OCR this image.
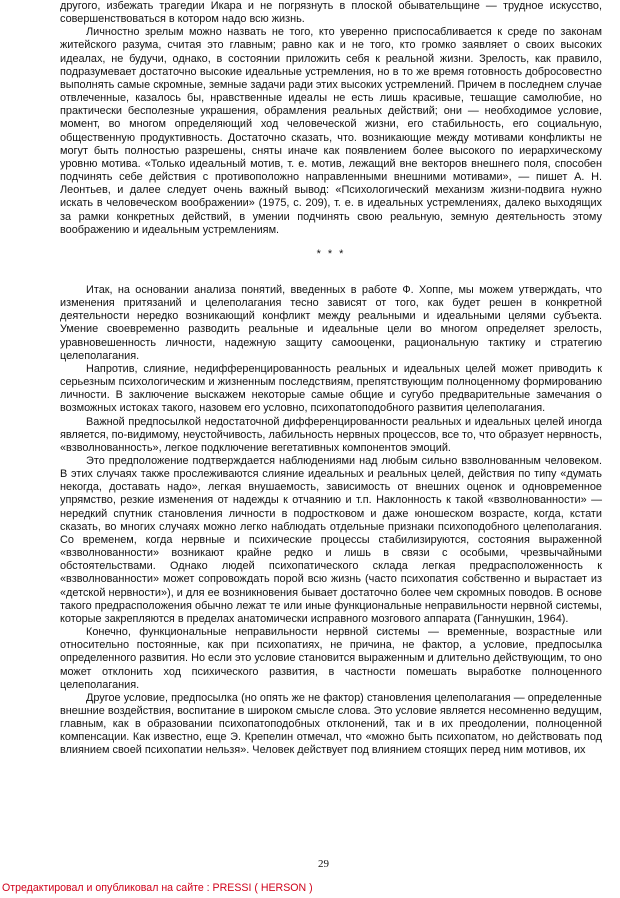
другого, избежать трагедии Икара и не погрязнуть в плоской обывательщине — трудное искусство, совершенствоваться в котором надо всю жизнь.

Личностно зрелым можно назвать не того, кто уверенно приспосабливается к среде по законам житейского разума, считая это главным; равно как и не того, кто громко заявляет о своих высоких идеалах, не будучи, однако, в состоянии приложить себя к реальной жизни. Зрелость, как правило, подразумевает достаточно высокие идеальные устремления, но в то же время готовность добросовестно выполнять самые скромные, земные задачи ради этих высоких устремлений. Причем в последнем случае отвлеченные, казалось бы, нравственные идеалы не есть лишь красивые, тешащие самолюбие, но практически бесполезные украшения, обрамления реальных действий; они — необходимое условие, момент, во многом определяющий ход человеческой жизни, его стабильность, его социальную, общественную продуктивность. Достаточно сказать, что. возникающие между мотивами конфликты не могут быть полностью разрешены, сняты иначе как появлением более высокого по иерархическому уровню мотива. «Только идеальный мотив, т. е. мотив, лежащий вне векторов внешнего поля, способен подчинять себе действия с противоположно направленными внешними мотивами», — пишет А. Н. Леонтьев, и далее следует очень важный вывод: «Психологический механизм жизни-подвига нужно искать в человеческом воображении» (1975, с. 209), т. е. в идеальных устремлениях, далеко выходящих за рамки конкретных действий, в умении подчинять свою реальную, земную деятельность этому воображению и идеальным устремлениям.

* * *

Итак, на основании анализа понятий, введенных в работе Ф. Хоппе, мы можем утверждать, что изменения притязаний и целеполагания тесно зависят от того, как будет решен в конкретной деятельности нередко возникающий конфликт между реальными и идеальными целями субъекта. Умение своевременно разводить реальные и идеальные цели во многом определяет зрелость, уравновешенность личности, надежную защиту самооценки, рациональную тактику и стратегию целеполагания.

Напротив, слияние, недифференцированность реальных и идеальных целей может приводить к серьезным психологическим и жизненным последствиям, препятствующим полноценному формированию личности. В заключение выскажем некоторые самые общие и сугубо предварительные замечания о возможных истоках такого, назовем его условно, психопатоподобного развития целеполагания.

Важной предпосылкой недостаточной дифференцированности реальных и идеальных целей иногда является, по-видимому, неустойчивость, лабильность нервных процессов, все то, что образует нервность, «взволнованность», легкое подключение вегетативных компонентов эмоций.

Это предположение подтверждается наблюдениями над любым сильно взволнованным человеком. В этих случаях также прослеживаются слияние идеальных и реальных целей, действия по типу «думать некогда, доставать надо», легкая внушаемость, зависимость от внешних оценок и одновременное упрямство, резкие изменения от надежды к отчаянию и т.п. Наклонность к такой «взволнованности» — нередкий спутник становления личности в подростковом и даже юношеском возрасте, когда, кстати сказать, во многих случаях можно легко наблюдать отдельные признаки психоподобного целеполагания. Со временем, когда нервные и психические процессы стабилизируются, состояния выраженной «взволнованности» возникают крайне редко и лишь в связи с особыми, чрезвычайными обстоятельствами. Однако людей психопатического склада легкая предрасположенность к «взволнованности» может сопровождать порой всю жизнь (часто психопатия собственно и вырастает из «детской нервности»), и для ее возникновения бывает достаточно более чем скромных поводов. В основе такого предрасположения обычно лежат те или иные функциональные неправильности нервной системы, которые закрепляются в пределах анатомически исправного мозгового аппарата (Ганнушкин, 1964).

Конечно, функциональные неправильности нервной системы — временные, возрастные или относительно постоянные, как при психопатиях, не причина, не фактор, а условие, предпосылка определенного развития. Но если это условие становится выраженным и длительно действующим, то оно может отклонить ход психического развития, в частности помешать выработке полноценного целеполагания.

Другое условие, предпосылка (но опять же не фактор) становления целеполагания — определенные внешние воздействия, воспитание в широком смысле слова. Это условие является несомненно ведущим, главным, как в образовании психопатоподобных отклонений, так и в их преодолении, полноценной компенсации. Как известно, еще Э. Крепелин отмечал, что «можно быть психопатом, но действовать под влиянием своей психопатии нельзя». Человек действует под влиянием стоящих перед ним мотивов, их

29
Отредактировал и опубликовал на сайте : PRESSI ( HERSON )
